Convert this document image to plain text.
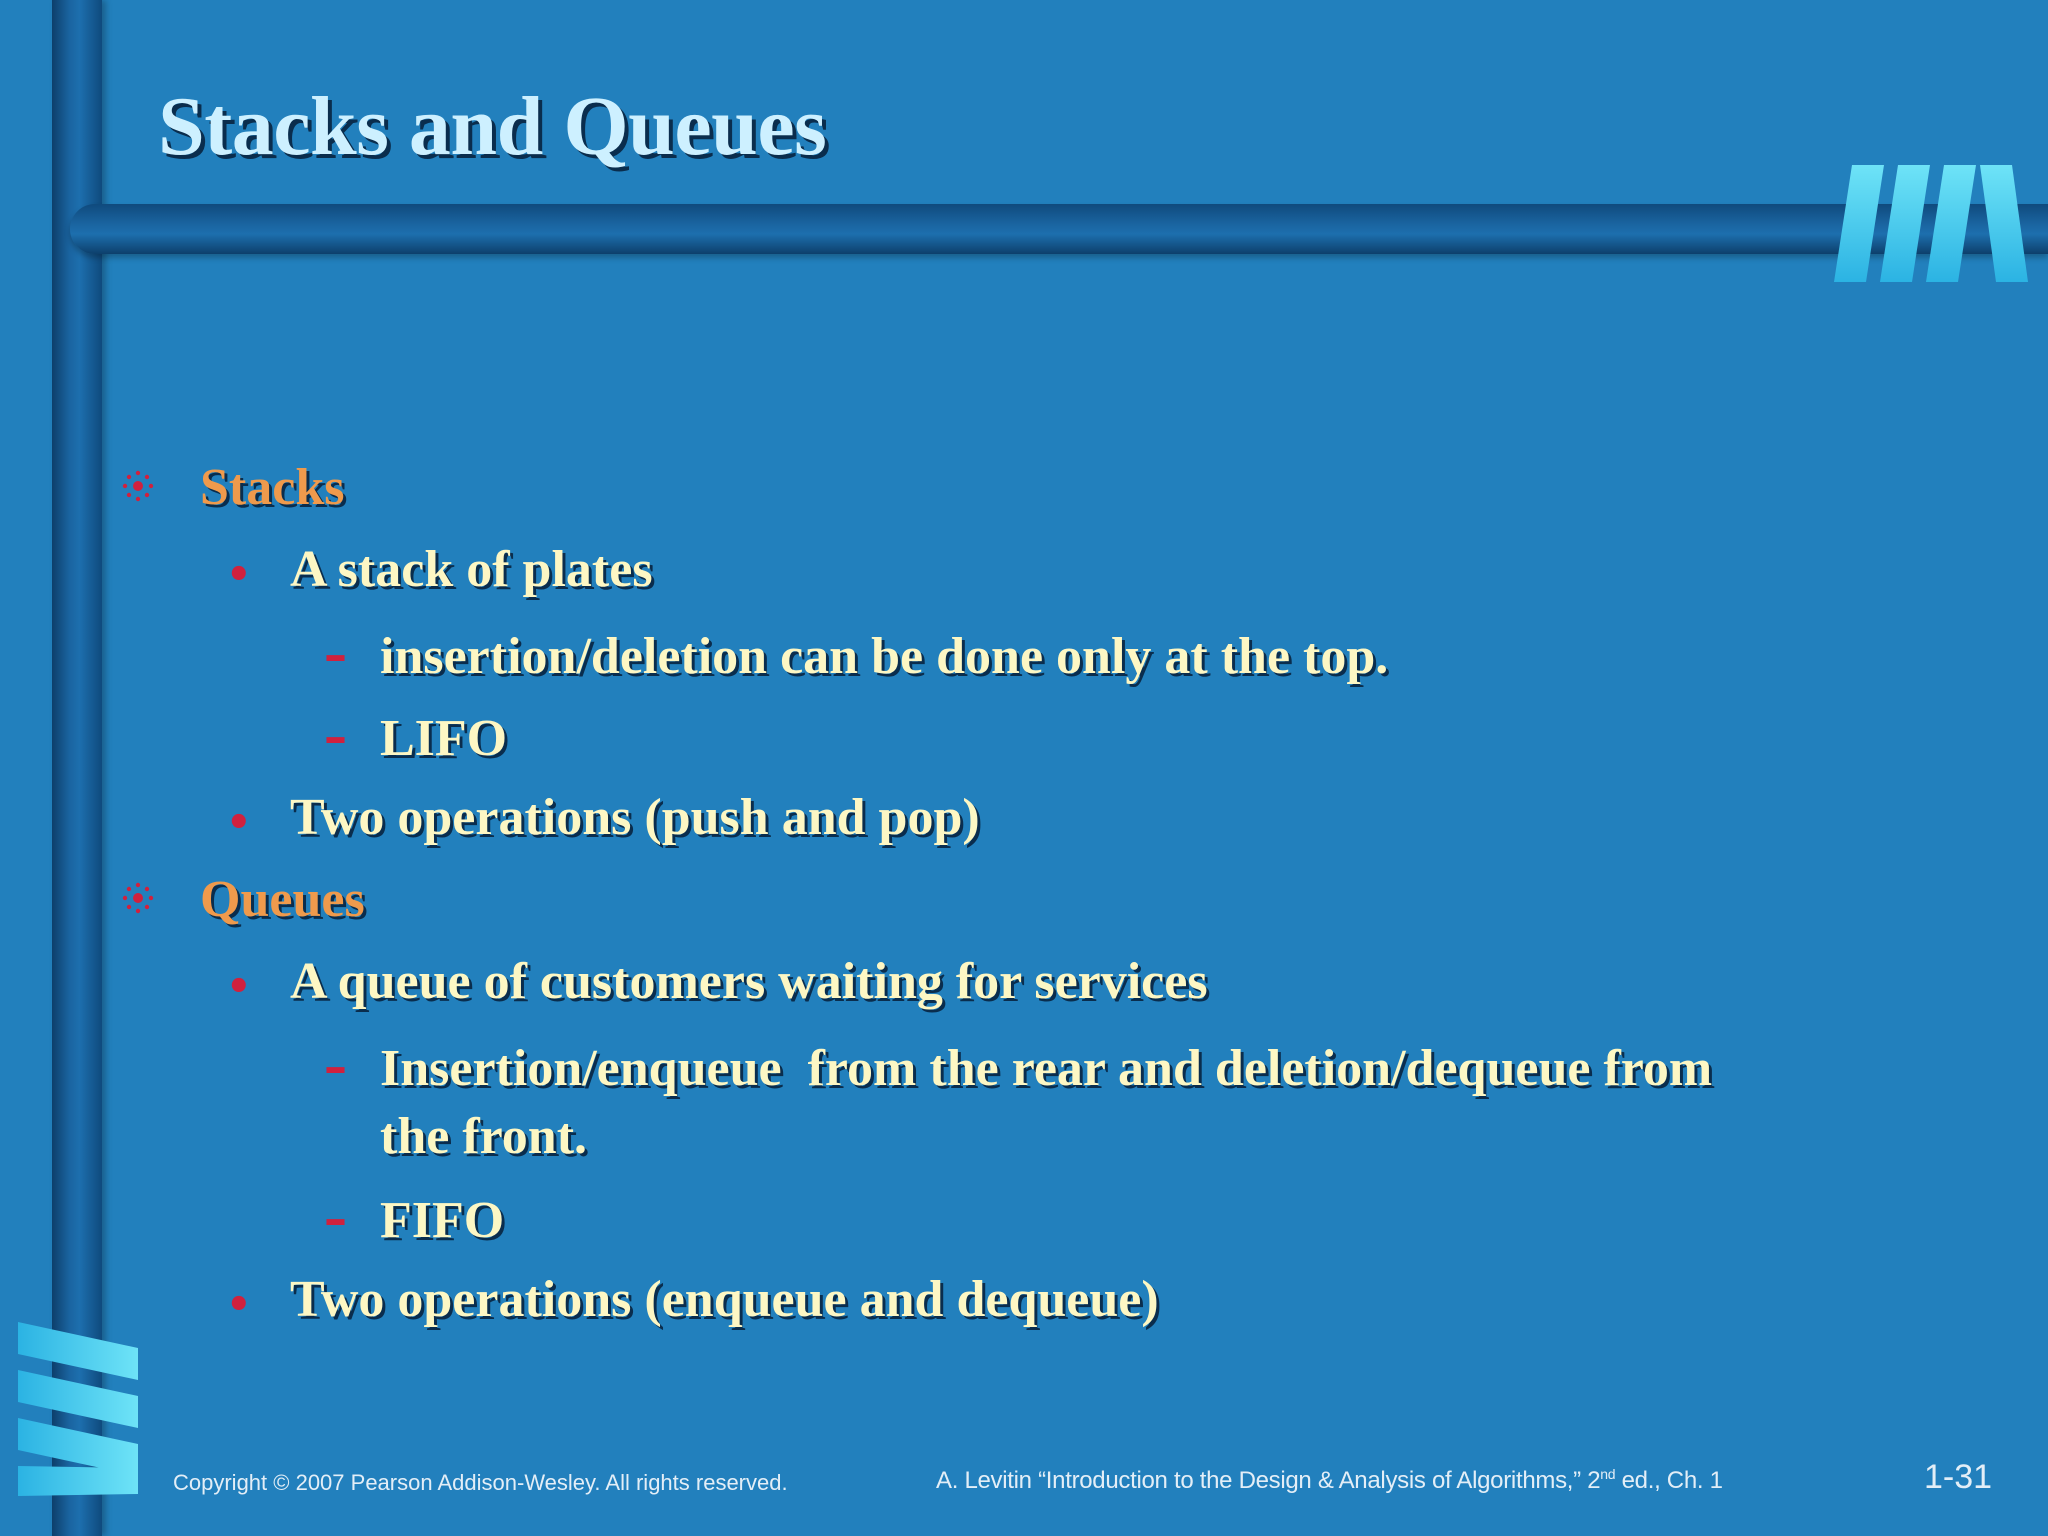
Stacks and Queues
Stacks
• A stack of plates
– insertion/deletion can be done only at the top.
– LIFO
• Two operations (push and pop)
Queues
• A queue of customers waiting for services
– Insertion/enqueue  from the rear and deletion/dequeue from
the front.
– FIFO
• Two operations (enqueue and dequeue)
Copyright © 2007 Pearson Addison-Wesley. All rights reserved.	A. Levitin “Introduction to the Design & Analysis of Algorithms,” 2nd ed., Ch. 1	1-31
